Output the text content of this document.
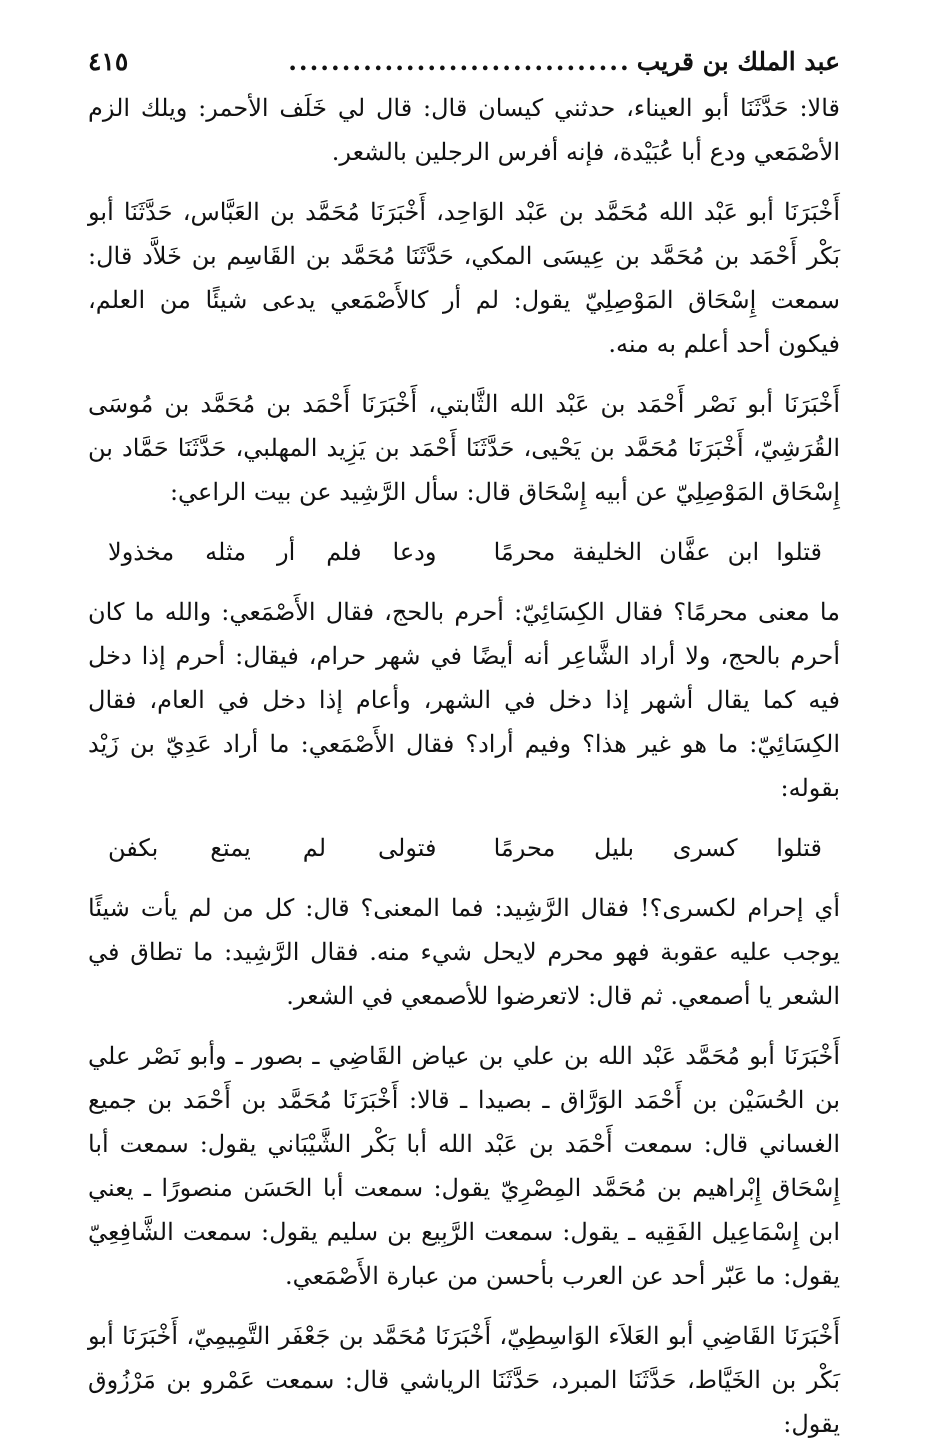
عبد الملك بن قريب
................................
٤١٥

قالا: حَدَّثَنَا أبو العيناء، حدثني كيسان قال: قال لي خَلَف الأحمر: ويلك الزم الأصْمَعي ودع أبا عُبَيْدة، فإنه أفرس الرجلين بالشعر.

أَخْبَرَنَا أبو عَبْد الله مُحَمَّد بن عَبْد الوَاحِد، أَخْبَرَنَا مُحَمَّد بن العَبَّاس، حَدَّثَنَا أبو بَكْر أَحْمَد بن مُحَمَّد بن عِيسَى المكي، حَدَّثَنَا مُحَمَّد بن القَاسِم بن خَلاَّد قال: سمعت إِسْحَاق المَوْصِلِيّ يقول: لم أر كالأَصْمَعي يدعى شيئًا من العلم، فيكون أحد أعلم به منه.

أَخْبَرَنَا أبو نَصْر أَحْمَد بن عَبْد الله الثَّابتي، أَخْبَرَنَا أَحْمَد بن مُحَمَّد بن مُوسَى القُرَشِيّ، أَخْبَرَنَا مُحَمَّد بن يَحْيى، حَدَّثَنَا أَحْمَد بن يَزِيد المهلبي، حَدَّثَنَا حَمَّاد بن إِسْحَاق المَوْصِلِيّ عن أبيه إِسْحَاق قال: سأل الرَّشِيد عن بيت الراعي:

قتلوا ابن عفَّان الخليفة محرمًا
ودعا فلم أر مثله مخذولا

ما معنى محرمًا؟ فقال الكِسَائِيّ: أحرم بالحج، فقال الأَصْمَعي: والله ما كان أحرم بالحج، ولا أراد الشَّاعِر أنه أيضًا في شهر حرام، فيقال: أحرم إذا دخل فيه كما يقال أشهر إذا دخل في الشهر، وأعام إذا دخل في العام، فقال الكِسَائِيّ: ما هو غير هذا؟ وفيم أراد؟ فقال الأَصْمَعي: ما أراد عَدِيّ بن زَيْد بقوله:

قتلوا كسرى بليل محرمًا
فتولى لم يمتع بكفن

أي إحرام لكسرى؟! فقال الرَّشِيد: فما المعنى؟ قال: كل من لم يأت شيئًا يوجب عليه عقوبة فهو محرم لايحل شيء منه. فقال الرَّشِيد: ما تطاق في الشعر يا أصمعي. ثم قال: لاتعرضوا للأصمعي في الشعر.

أَخْبَرَنَا أبو مُحَمَّد عَبْد الله بن علي بن عياض القَاضِي ـ بصور ـ وأبو نَصْر علي بن الحُسَيْن بن أَحْمَد الوَرَّاق ـ بصيدا ـ قالا: أَخْبَرَنَا مُحَمَّد بن أَحْمَد بن جميع الغساني قال: سمعت أَحْمَد بن عَبْد الله أبا بَكْر الشَّيْبَاني يقول: سمعت أبا إِسْحَاق إِبْراهيم بن مُحَمَّد المِصْرِيّ يقول: سمعت أبا الحَسَن منصورًا ـ يعني ابن إِسْمَاعِيل الفَقِيه ـ يقول: سمعت الرَّبِيع بن سليم يقول: سمعت الشَّافِعِيّ يقول: ما عَبّر أحد عن العرب بأحسن من عبارة الأَصْمَعي.

أَخْبَرَنَا القَاضِي أبو العَلاَء الوَاسِطِيّ، أَخْبَرَنَا مُحَمَّد بن جَعْفَر التَّمِيمِيّ، أَخْبَرَنَا أبو بَكْر بن الخَيَّاط، حَدَّثَنَا المبرد، حَدَّثَنَا الرياشي قال: سمعت عَمْرو بن مَرْزُوق يقول:
